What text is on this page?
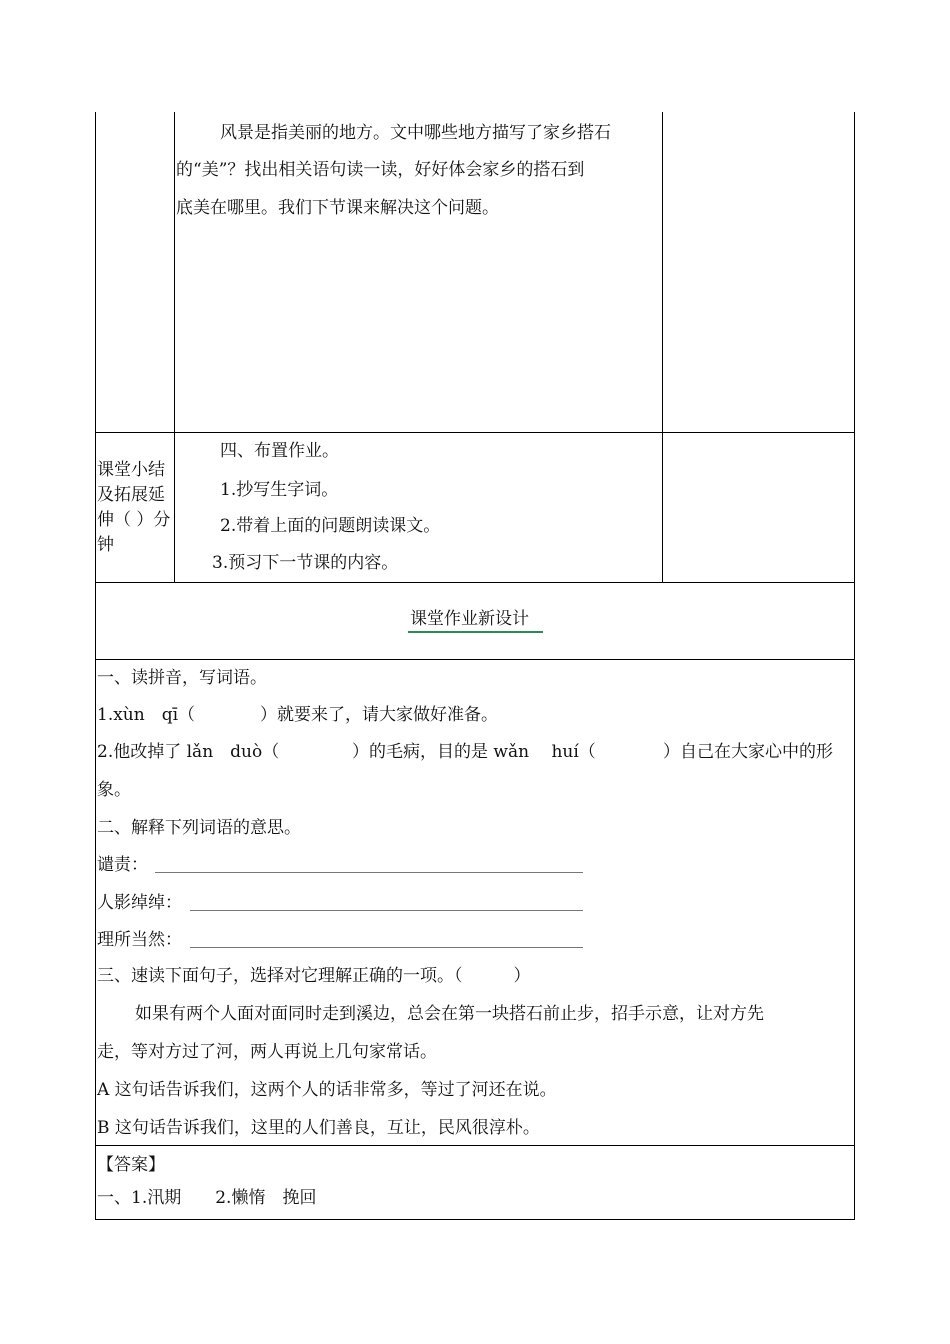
风景是指美丽的地方。文中哪些地方描写了家乡搭石
的“美”？找出相关语句读一读，好好体会家乡的搭石到
底美在哪里。我们下节课来解决这个问题。
课堂小结
及拓展延
伸（ ）分
钟
四、布置作业。
1.抄写生字词。
2.带着上面的问题朗读课文。
3.预习下一节课的内容。
课堂作业新设计
一、读拼音，写词语。
1.xùn　qī（	）就要来了，请大家做好准备。
2.他改掉了 lǎn　duò（	）的毛病，目的是 wǎn　 huí（	）自己在大家心中的形
象。
二、解释下列词语的意思。
谴责：
人影绰绰：
理所当然：
三、速读下面句子，选择对它理解正确的一项。（　　　）
如果有两个人面对面同时走到溪边，总会在第一块搭石前止步，招手示意，让对方先
走，等对方过了河，两人再说上几句家常话。
A 这句话告诉我们，这两个人的话非常多，等过了河还在说。
B 这句话告诉我们，这里的人们善良，互让，民风很淳朴。
【答案】
一、1.汛期　　2.懒惰　挽回
